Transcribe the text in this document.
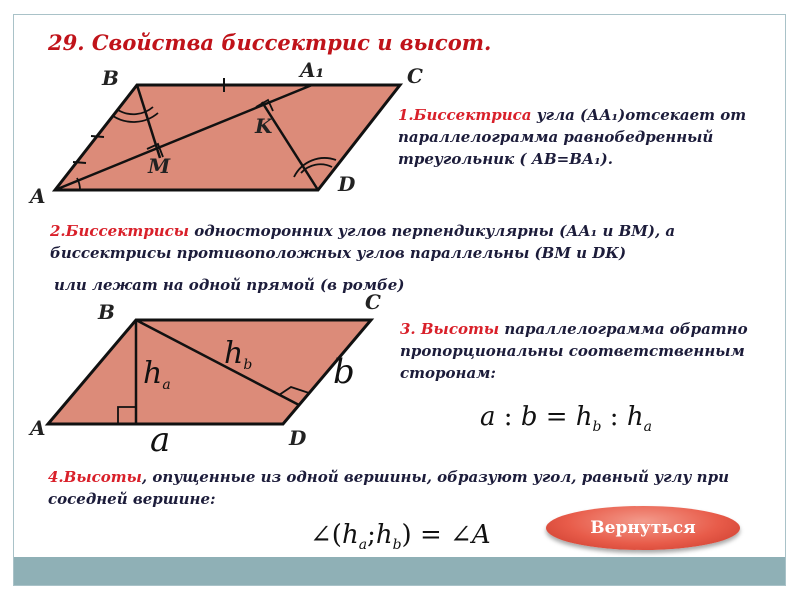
29. Свойства биссектрис и высот.
B	A₁	C
K
M
A	D
1.Биссектриса угла (АА₁)отсекает от параллелограмма равнобедренный треугольник ( АВ=ВА₁).
2.Биссектрисы односторонних углов перпендикулярны (АА₁ и ВМ), а биссектрисы противоположных углов параллельны (ВМ и DК)
или лежат на одной прямой (в ромбе)
B	C
A	D
$h_a$
$h_b$ b
a
3. Высоты параллелограмма обратно пропорциональны соответственным сторонам:
a : $b = h_b$ : $h_a$
4.Высоты, опущенные из одной вершины, образуют угол, равный углу при соседней вершине:
$\angle(h_a;h_b)$ = ∠A	Вернуться
